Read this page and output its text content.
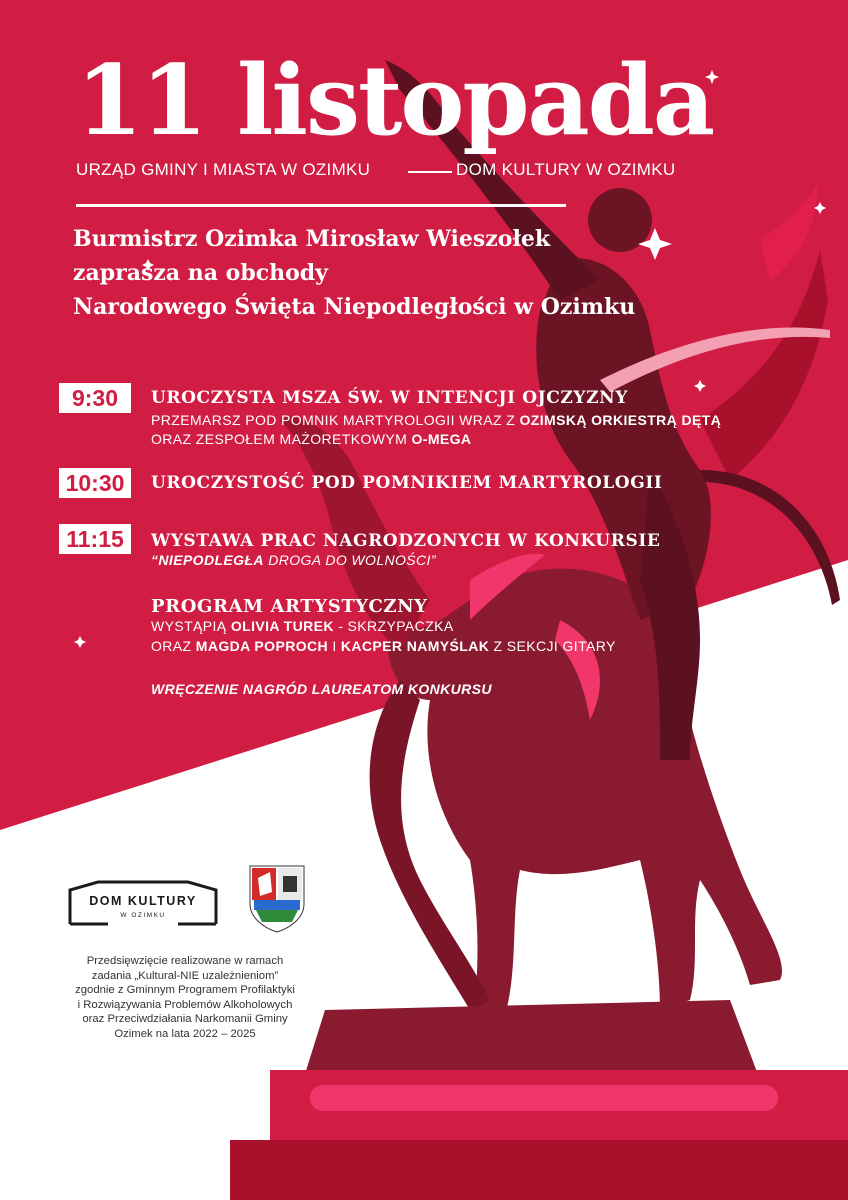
11 listopada
URZĄD GMINY I MIASTA W OZIMKU	DOM KULTURY W OZIMKU
Burmistrz Ozimka Mirosław Wieszołek
zaprasza na obchody
Narodowego Święta Niepodległości w Ozimku
9:30	UROCZYSTA MSZA ŚW. W INTENCJI OJCZYZNY
PRZEMARSZ POD POMNIK MARTYROLOGII WRAZ Z OZIMSKĄ ORKIESTRĄ DĘTĄ
ORAZ ZESPOŁEM MAŻORETKOWYM O-MEGA
10:30	UROCZYSTOŚĆ POD POMNIKIEM MARTYROLOGII
11:15	WYSTAWA PRAC NAGRODZONYCH W KONKURSIE
“NIEPODLEGŁA DROGA DO WOLNOŚCI”
PROGRAM ARTYSTYCZNY
WYSTĄPIĄ OLIVIA TUREK - SKRZYPACZKA
ORAZ MAGDA POPROCH I KACPER NAMYŚLAK Z SEKCJI GITARY
WRĘCZENIE NAGRÓD LAUREATOM KONKURSU
DOM KULTURY
W OZIMKU
Przedsięwzięcie realizowane w ramach
zadania „Kultural-NIE uzależnieniom”
zgodnie z Gminnym Programem Profilaktyki
i Rozwiązywania Problemów Alkoholowych
oraz Przeciwdziałania Narkomanii Gminy
Ozimek na lata 2022 – 2025
